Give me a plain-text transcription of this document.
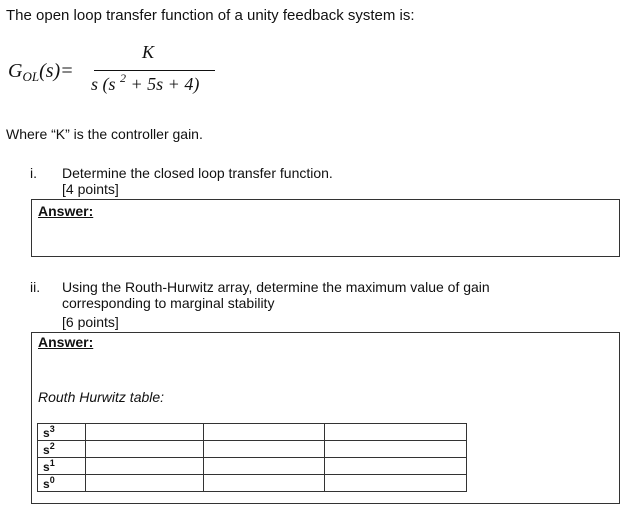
The open loop transfer function of a unity feedback system is:
$G_{OL}(s)=$
K
s (s $^2$ + 5s + 4)
Where “K” is the controller gain.
i. Determine the closed loop transfer function.
[4 points]
Answer:
ii. Using the Routh-Hurwitz array, determine the maximum value of gain corresponding to marginal stability
[6 points]
Answer:
Routh Hurwitz table:
$s^3$			
$s^2$			
$s^1$			
$s^0$			
